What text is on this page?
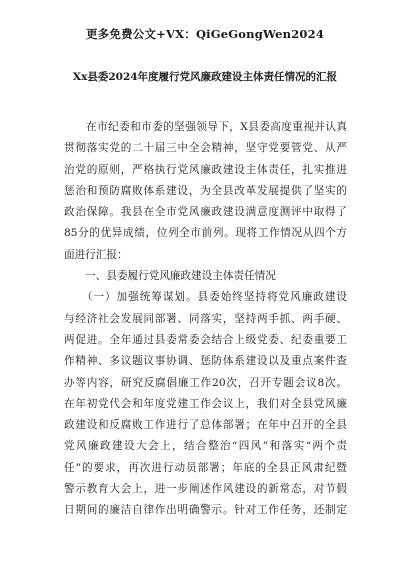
更多免费公文+VX：QiGeGongWen2024
Xx县委2024年度履行党风廉政建设主体责任情况的汇报
　　在市纪委和市委的坚强领导下，X县委高度重视并认真
贯彻落实党的二十届三中全会精神，坚守党要管党、从严
治党的原则，严格执行党风廉政建设主体责任，扎实推进
惩治和预防腐败体系建设，为全县改革发展提供了坚实的
政治保障。我县在全市党风廉政建设满意度测评中取得了
85分的优异成绩，位列全市前列。现将工作情况从四个方
面进行汇报：
　　一、县委履行党风廉政建设主体责任情况
　　（一）加强统筹谋划。县委始终坚持将党风廉政建设
与经济社会发展同部署、同落实，坚持两手抓、两手硬、
两促进。全年通过县委常委会结合上级党委、纪委重要工
作精神、多议题议事协调、惩防体系建设以及重点案件查
办等内容，研究反腐倡廉工作20次，召开专题会议8次。
在年初党代会和年度党建工作会议上，我们对全县党风廉
政建设和反腐败工作进行了总体部署；在年中召开的全县
党风廉政建设大会上，结合整治“四风”和落实“两个责
任”的要求，再次进行动员部署；年底的全县正风肃纪暨
警示教育大会上，进一步阐述作风建设的新常态，对节假
日期间的廉洁自律作出明确警示。针对工作任务，还制定
